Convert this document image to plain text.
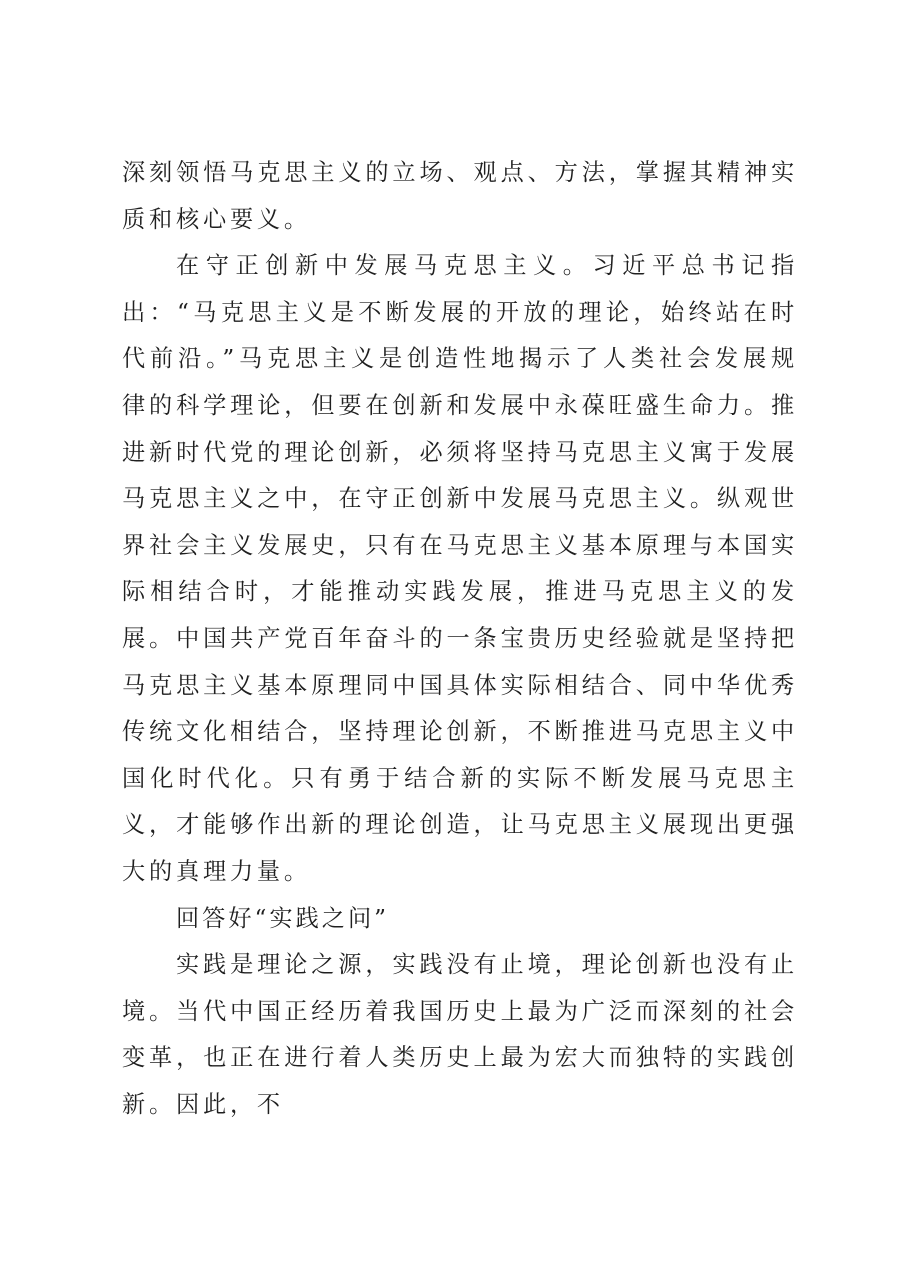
深刻领悟马克思主义的立场、观点、方法，掌握其精神实质和核心要义。

在守正创新中发展马克思主义。习近平总书记指出：“马克思主义是不断发展的开放的理论，始终站在时代前沿。”马克思主义是创造性地揭示了人类社会发展规律的科学理论，但要在创新和发展中永葆旺盛生命力。推进新时代党的理论创新，必须将坚持马克思主义寓于发展马克思主义之中，在守正创新中发展马克思主义。纵观世界社会主义发展史，只有在马克思主义基本原理与本国实际相结合时，才能推动实践发展，推进马克思主义的发展。中国共产党百年奋斗的一条宝贵历史经验就是坚持把马克思主义基本原理同中国具体实际相结合、同中华优秀传统文化相结合，坚持理论创新，不断推进马克思主义中国化时代化。只有勇于结合新的实际不断发展马克思主义，才能够作出新的理论创造，让马克思主义展现出更强大的真理力量。

回答好“实践之问”

实践是理论之源，实践没有止境，理论创新也没有止境。当代中国正经历着我国历史上最为广泛而深刻的社会变革，也正在进行着人类历史上最为宏大而独特的实践创新。因此，不
